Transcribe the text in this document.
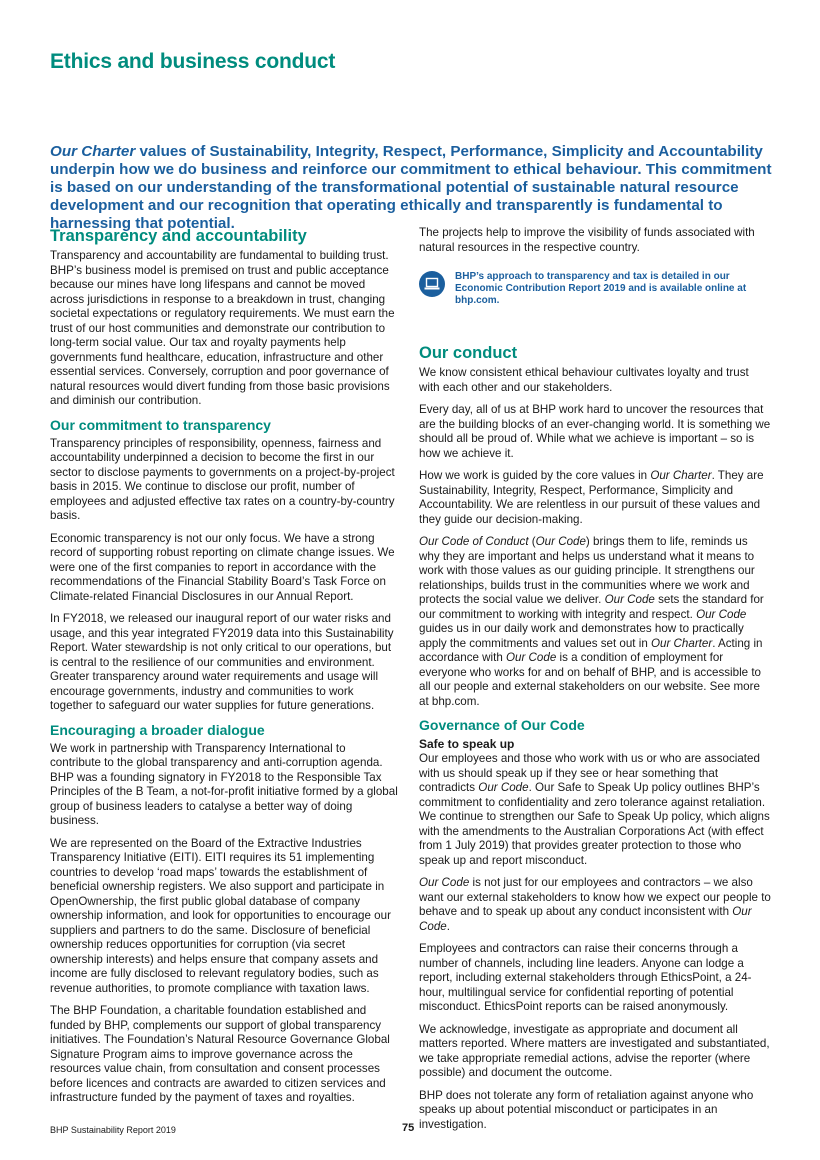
Ethics and business conduct

Our Charter values of Sustainability, Integrity, Respect, Performance, Simplicity and Accountability underpin how we do business and reinforce our commitment to ethical behaviour. This commitment is based on our understanding of the transformational potential of sustainable natural resource development and our recognition that operating ethically and transparently is fundamental to harnessing that potential.

Transparency and accountability

Transparency and accountability are fundamental to building trust. BHP’s business model is premised on trust and public acceptance because our mines have long lifespans and cannot be moved across jurisdictions in response to a breakdown in trust, changing societal expectations or regulatory requirements. We must earn the trust of our host communities and demonstrate our contribution to long-term social value. Our tax and royalty payments help governments fund healthcare, education, infrastructure and other essential services. Conversely, corruption and poor governance of natural resources would divert funding from those basic provisions and diminish our contribution.

Our commitment to transparency

Transparency principles of responsibility, openness, fairness and accountability underpinned a decision to become the first in our sector to disclose payments to governments on a project-by-project basis in 2015. We continue to disclose our profit, number of employees and adjusted effective tax rates on a country-by-country basis.

Economic transparency is not our only focus. We have a strong record of supporting robust reporting on climate change issues. We were one of the first companies to report in accordance with the recommendations of the Financial Stability Board’s Task Force on Climate-related Financial Disclosures in our Annual Report.

In FY2018, we released our inaugural report of our water risks and usage, and this year integrated FY2019 data into this Sustainability Report. Water stewardship is not only critical to our operations, but is central to the resilience of our communities and environment. Greater transparency around water requirements and usage will encourage governments, industry and communities to work together to safeguard our water supplies for future generations.

Encouraging a broader dialogue

We work in partnership with Transparency International to contribute to the global transparency and anti-corruption agenda. BHP was a founding signatory in FY2018 to the Responsible Tax Principles of the B Team, a not-for-profit initiative formed by a global group of business leaders to catalyse a better way of doing business.

We are represented on the Board of the Extractive Industries Transparency Initiative (EITI). EITI requires its 51 implementing countries to develop ‘road maps’ towards the establishment of beneficial ownership registers. We also support and participate in OpenOwnership, the first public global database of company ownership information, and look for opportunities to encourage our suppliers and partners to do the same. Disclosure of beneficial ownership reduces opportunities for corruption (via secret ownership interests) and helps ensure that company assets and income are fully disclosed to relevant regulatory bodies, such as revenue authorities, to promote compliance with taxation laws.

The BHP Foundation, a charitable foundation established and funded by BHP, complements our support of global transparency initiatives. The Foundation’s Natural Resource Governance Global Signature Program aims to improve governance across the resources value chain, from consultation and consent processes before licences and contracts are awarded to citizen services and infrastructure funded by the payment of taxes and royalties.

The projects help to improve the visibility of funds associated with natural resources in the respective country.

BHP’s approach to transparency and tax is detailed in our Economic Contribution Report 2019 and is available online at bhp.com.
Our conduct

We know consistent ethical behaviour cultivates loyalty and trust with each other and our stakeholders.

Every day, all of us at BHP work hard to uncover the resources that are the building blocks of an ever-changing world. It is something we should all be proud of. While what we achieve is important – so is how we achieve it.

How we work is guided by the core values in Our Charter. They are Sustainability, Integrity, Respect, Performance, Simplicity and Accountability. We are relentless in our pursuit of these values and they guide our decision-making.

Our Code of Conduct (Our Code) brings them to life, reminds us why they are important and helps us understand what it means to work with those values as our guiding principle. It strengthens our relationships, builds trust in the communities where we work and protects the social value we deliver. Our Code sets the standard for our commitment to working with integrity and respect. Our Code guides us in our daily work and demonstrates how to practically apply the commitments and values set out in Our Charter. Acting in accordance with Our Code is a condition of employment for everyone who works for and on behalf of BHP, and is accessible to all our people and external stakeholders on our website. See more at bhp.com.

Governance of Our Code
Safe to speak up

Our employees and those who work with us or who are associated with us should speak up if they see or hear something that contradicts Our Code. Our Safe to Speak Up policy outlines BHP’s commitment to confidentiality and zero tolerance against retaliation. We continue to strengthen our Safe to Speak Up policy, which aligns with the amendments to the Australian Corporations Act (with effect from 1 July 2019) that provides greater protection to those who speak up and report misconduct.

Our Code is not just for our employees and contractors – we also want our external stakeholders to know how we expect our people to behave and to speak up about any conduct inconsistent with Our Code.

Employees and contractors can raise their concerns through a number of channels, including line leaders. Anyone can lodge a report, including external stakeholders through EthicsPoint, a 24-hour, multilingual service for confidential reporting of potential misconduct. EthicsPoint reports can be raised anonymously.

We acknowledge, investigate as appropriate and document all matters reported. Where matters are investigated and substantiated, we take appropriate remedial actions, advise the reporter (where possible) and document the outcome.

BHP does not tolerate any form of retaliation against anyone who speaks up about potential misconduct or participates in an investigation.

BHP Sustainability Report 2019	75
